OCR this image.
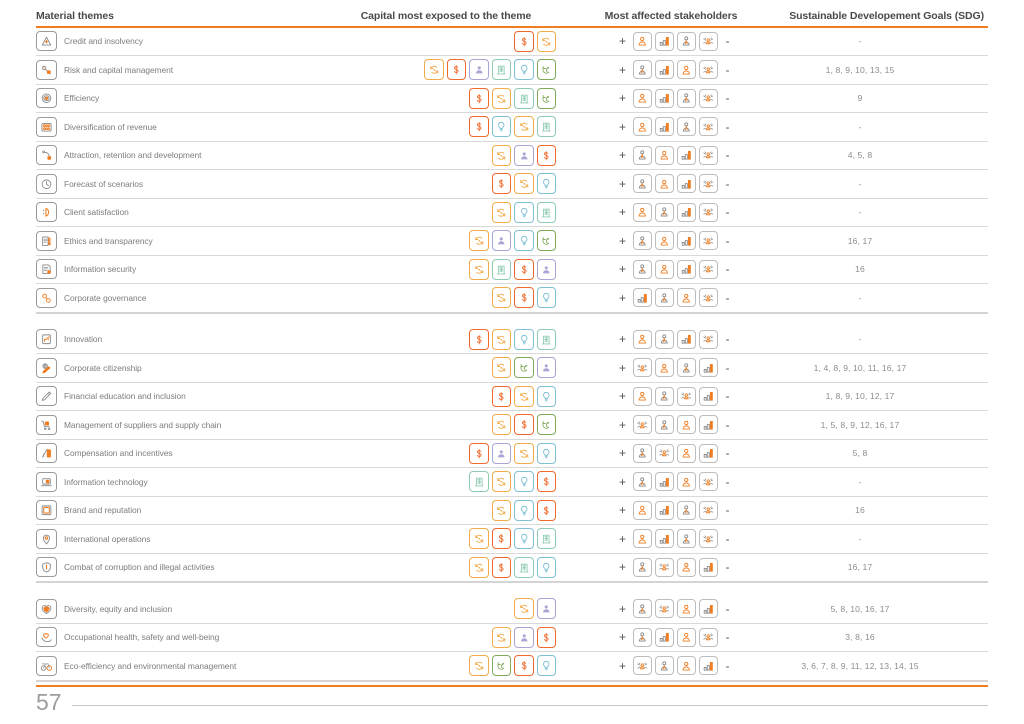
Material themes	Capital most exposed to the theme	Most affected stakeholders	Sustainable Developement Goals (SDG)
Credit and insolvency	+	-	-
Risk and capital management	+	-	1, 8, 9, 10, 13, 15
Efficiency	+	-	9
Diversification of revenue	+	-	-
Attraction, retention and development	+	-	4, 5, 8
Forecast of scenarios	+	-	-
Client satisfaction	+	-	-
Ethics and transparency	+	-	16, 17
Information security	+	-	16
Corporate governance	+	-	-
Innovation	+	-	-
Corporate citizenship	+	-	1, 4, 8, 9, 10, 11, 16, 17
Financial education and inclusion	+	-	1, 8, 9, 10, 12, 17
Management of suppliers and supply chain	+	-	1, 5, 8, 9, 12, 16, 17
Compensation and incentives	+	-	5, 8
Information technology	+	-	-
Brand and reputation	+	-	16
International operations	+	-	-
Combat of corruption and illegal activities	+	-	16, 17
Diversity, equity and inclusion	+	-	5, 8, 10, 16, 17
Occupational health, safety and well-being	+	-	3, 8, 16
Eco-efficiency and environmental management	+	-	3, 6, 7, 8, 9, 11, 12, 13, 14, 15
57
